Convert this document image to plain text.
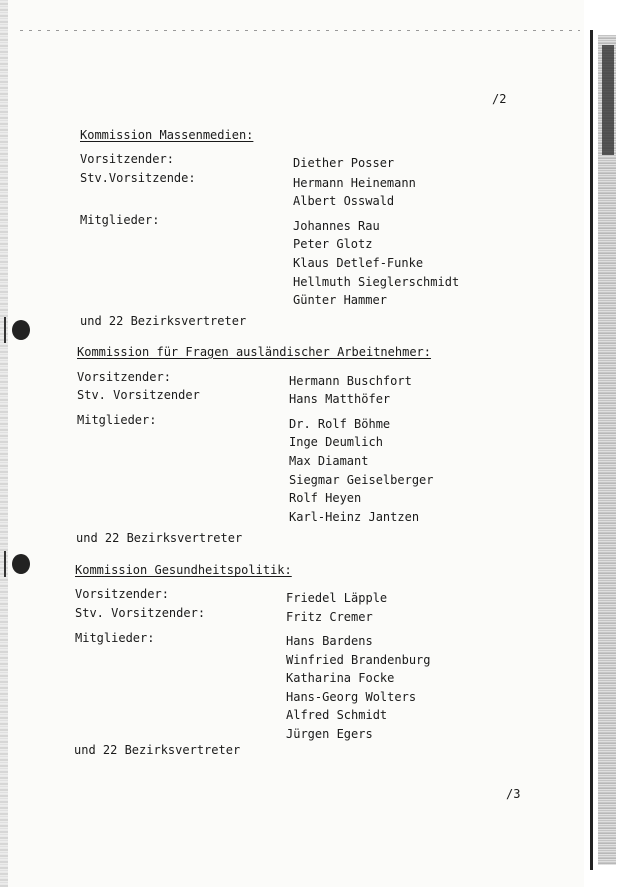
/2
Kommission Massenmedien:
Vorsitzender:	Diether Posser
Stv.Vorsitzende:	Hermann Heinemann
Albert Osswald
Mitglieder:	Johannes Rau
Peter Glotz
Klaus Detlef-Funke
Hellmuth Sieglerschmidt
Günter Hammer
und 22 Bezirksvertreter
Kommission für Fragen ausländischer Arbeitnehmer:
Vorsitzender:	Hermann Buschfort
Stv. Vorsitzender	Hans Matthöfer
Mitglieder:	Dr. Rolf Böhme
Inge Deumlich
Max Diamant
Siegmar Geiselberger
Rolf Heyen
Karl-Heinz Jantzen
und 22 Bezirksvertreter
Kommission Gesundheitspolitik:
Vorsitzender:	Friedel Läpple
Stv. Vorsitzender:	Fritz Cremer
Mitglieder:	Hans Bardens
Winfried Brandenburg
Katharina Focke
Hans-Georg Wolters
Alfred Schmidt
Jürgen Egers
und 22 Bezirksvertreter
/3
